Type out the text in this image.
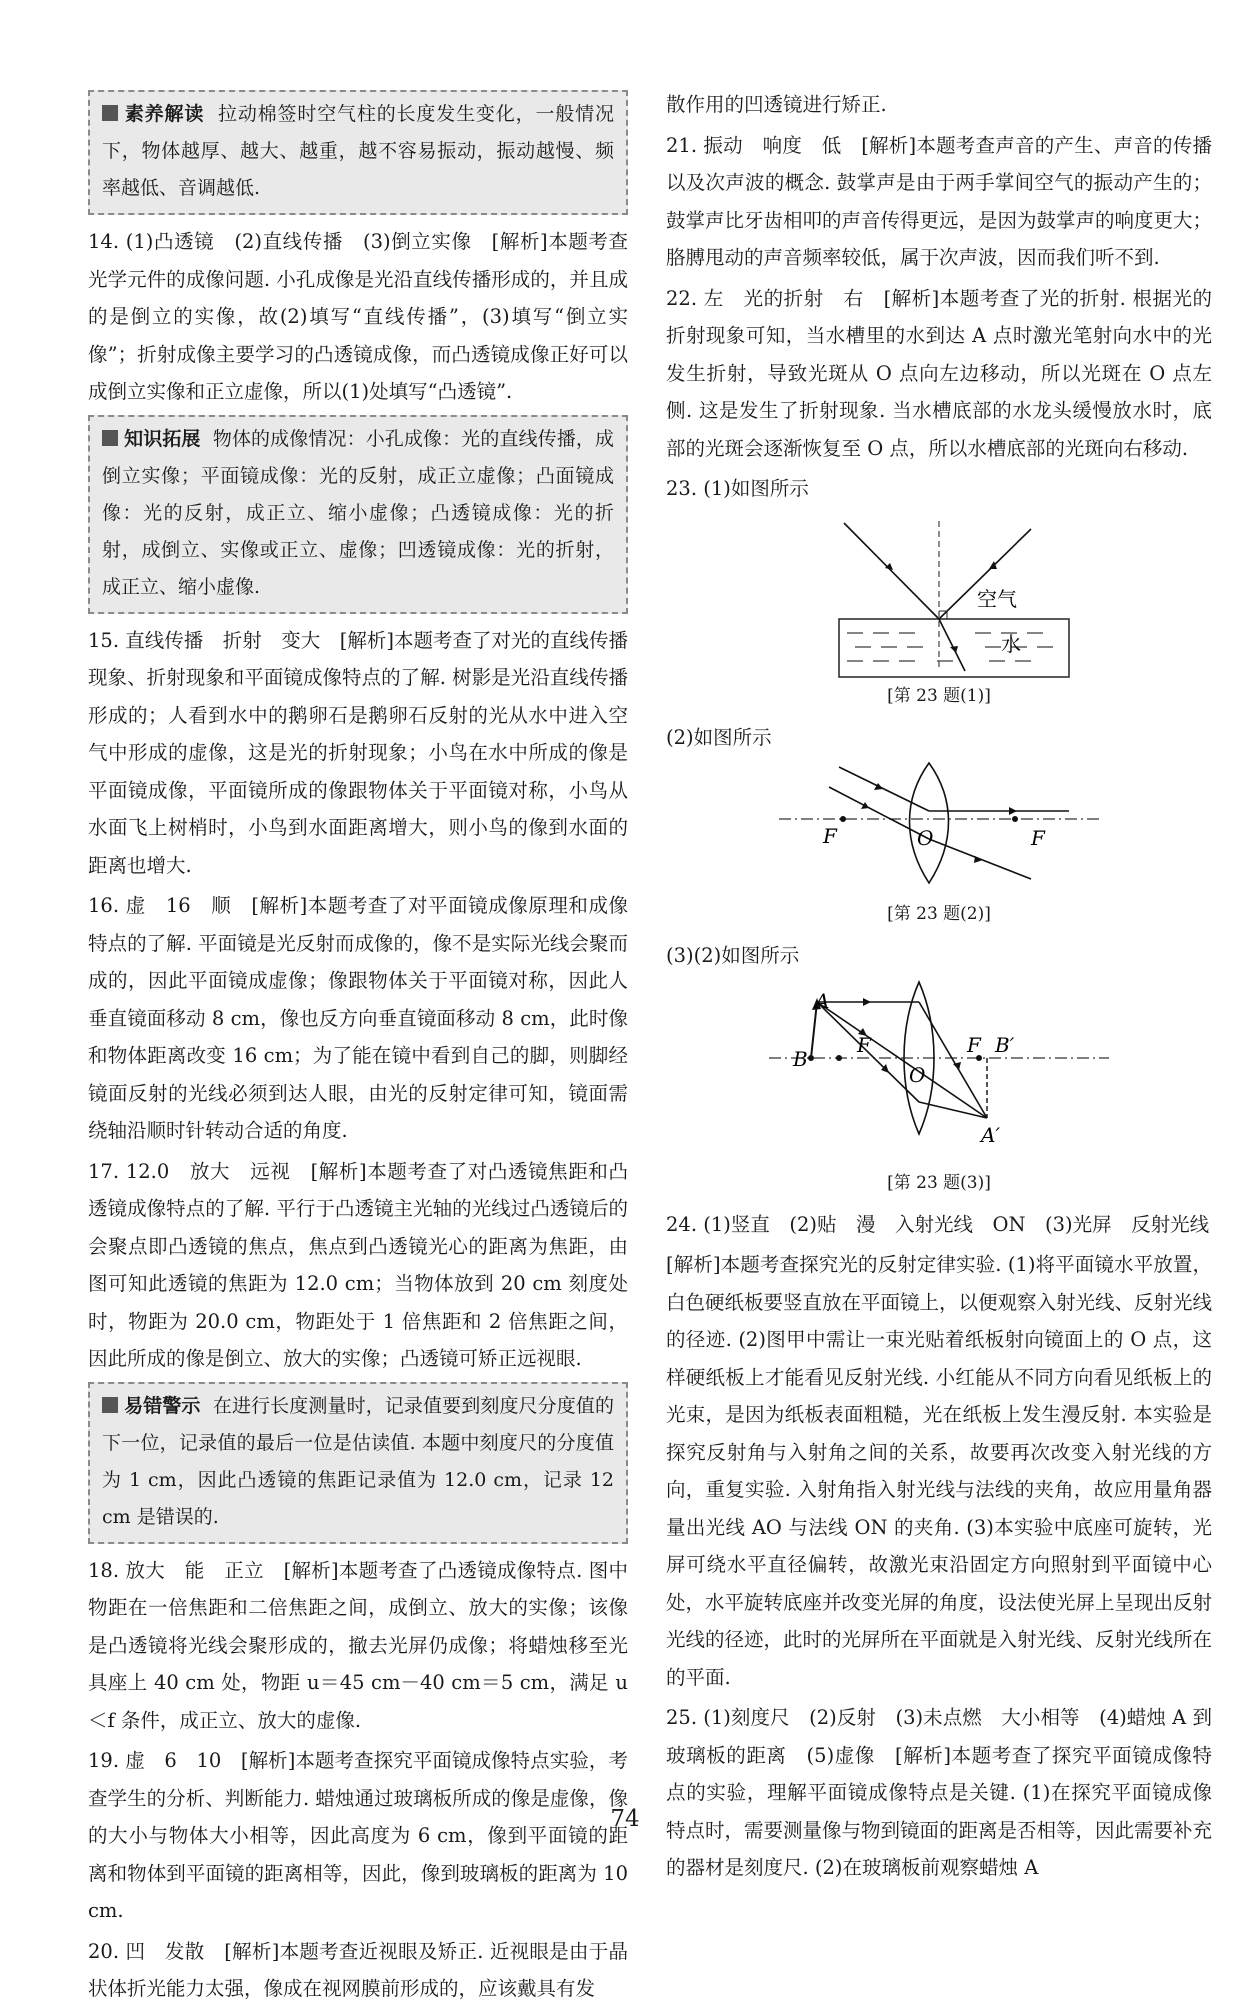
素养解读 拉动棉签时空气柱的长度发生变化，一般情况下，物体越厚、越大、越重，越不容易振动，振动越慢、频率越低、音调越低.

14. (1)凸透镜　(2)直线传播　(3)倒立实像　[解析]本题考查光学元件的成像问题. 小孔成像是光沿直线传播形成的，并且成的是倒立的实像，故(2)填写“直线传播”，(3)填写“倒立实像”；折射成像主要学习的凸透镜成像，而凸透镜成像正好可以成倒立实像和正立虚像，所以(1)处填写“凸透镜”.

知识拓展 物体的成像情况：小孔成像：光的直线传播，成倒立实像；平面镜成像：光的反射，成正立虚像；凸面镜成像：光的反射，成正立、缩小虚像；凸透镜成像：光的折射，成倒立、实像或正立、虚像；凹透镜成像：光的折射，成正立、缩小虚像.

15. 直线传播　折射　变大　[解析]本题考查了对光的直线传播现象、折射现象和平面镜成像特点的了解. 树影是光沿直线传播形成的；人看到水中的鹅卵石是鹅卵石反射的光从水中进入空气中形成的虚像，这是光的折射现象；小鸟在水中所成的像是平面镜成像，平面镜所成的像跟物体关于平面镜对称，小鸟从水面飞上树梢时，小鸟到水面距离增大，则小鸟的像到水面的距离也增大.

16. 虚　16　顺　[解析]本题考查了对平面镜成像原理和成像特点的了解. 平面镜是光反射而成像的，像不是实际光线会聚而成的，因此平面镜成虚像；像跟物体关于平面镜对称，因此人垂直镜面移动 8 cm，像也反方向垂直镜面移动 8 cm，此时像和物体距离改变 16 cm；为了能在镜中看到自己的脚，则脚经镜面反射的光线必须到达人眼，由光的反射定律可知，镜面需绕轴沿顺时针转动合适的角度.

17. 12.0　放大　远视　[解析]本题考查了对凸透镜焦距和凸透镜成像特点的了解. 平行于凸透镜主光轴的光线过凸透镜后的会聚点即凸透镜的焦点，焦点到凸透镜光心的距离为焦距，由图可知此透镜的焦距为 12.0 cm；当物体放到 20 cm 刻度处时，物距为 20.0 cm，物距处于 1 倍焦距和 2 倍焦距之间，因此所成的像是倒立、放大的实像；凸透镜可矫正远视眼.

易错警示 在进行长度测量时，记录值要到刻度尺分度值的下一位，记录值的最后一位是估读值. 本题中刻度尺的分度值为 1 cm，因此凸透镜的焦距记录值为 12.0 cm，记录 12 cm 是错误的.

18. 放大　能　正立　[解析]本题考查了凸透镜成像特点. 图中物距在一倍焦距和二倍焦距之间，成倒立、放大的实像；该像是凸透镜将光线会聚形成的，撤去光屏仍成像；将蜡烛移至光具座上 40 cm 处，物距 u＝45 cm－40 cm＝5 cm，满足 u＜f 条件，成正立、放大的虚像.

19. 虚　6　10　[解析]本题考查探究平面镜成像特点实验，考查学生的分析、判断能力. 蜡烛通过玻璃板所成的像是虚像，像的大小与物体大小相等，因此高度为 6 cm，像到平面镜的距离和物体到平面镜的距离相等，因此，像到玻璃板的距离为 10 cm.

20. 凹　发散　[解析]本题考查近视眼及矫正. 近视眼是由于晶状体折光能力太强，像成在视网膜前形成的，应该戴具有发

散作用的凹透镜进行矫正.

21. 振动　响度　低　[解析]本题考查声音的产生、声音的传播以及次声波的概念. 鼓掌声是由于两手掌间空气的振动产生的；鼓掌声比牙齿相叩的声音传得更远，是因为鼓掌声的响度更大；胳膊甩动的声音频率较低，属于次声波，因而我们听不到.

22. 左　光的折射　右　[解析]本题考查了光的折射. 根据光的折射现象可知，当水槽里的水到达 A 点时激光笔射向水中的光发生折射，导致光斑从 O 点向左边移动，所以光斑在 O 点左侧. 这是发生了折射现象. 当水槽底部的水龙头缓慢放水时，底部的光斑会逐渐恢复至 O 点，所以水槽底部的光斑向右移动.

23. (1)如图所示

空气
水
[第 23 题(1)]

(2)如图所示

F	O	F
[第 23 题(2)]

(3)(2)如图所示

A
B
F
O
F B′
A′
[第 23 题(3)]

24. (1)竖直　(2)贴　漫　入射光线　ON　(3)光屏　反射光线

[解析]本题考查探究光的反射定律实验. (1)将平面镜水平放置，白色硬纸板要竖直放在平面镜上，以便观察入射光线、反射光线的径迹. (2)图甲中需让一束光贴着纸板射向镜面上的 O 点，这样硬纸板上才能看见反射光线. 小红能从不同方向看见纸板上的光束，是因为纸板表面粗糙，光在纸板上发生漫反射. 本实验是探究反射角与入射角之间的关系，故要再次改变入射光线的方向，重复实验. 入射角指入射光线与法线的夹角，故应用量角器量出光线 AO 与法线 ON 的夹角. (3)本实验中底座可旋转，光屏可绕水平直径偏转，故激光束沿固定方向照射到平面镜中心处，水平旋转底座并改变光屏的角度，设法使光屏上呈现出反射光线的径迹，此时的光屏所在平面就是入射光线、反射光线所在的平面.

25. (1)刻度尺　(2)反射　(3)未点燃　大小相等　(4)蜡烛 A 到玻璃板的距离　(5)虚像　[解析]本题考查了探究平面镜成像特点的实验，理解平面镜成像特点是关键. (1)在探究平面镜成像特点时，需要测量像与物到镜面的距离是否相等，因此需要补充的器材是刻度尺. (2)在玻璃板前观察蜡烛 A

74
